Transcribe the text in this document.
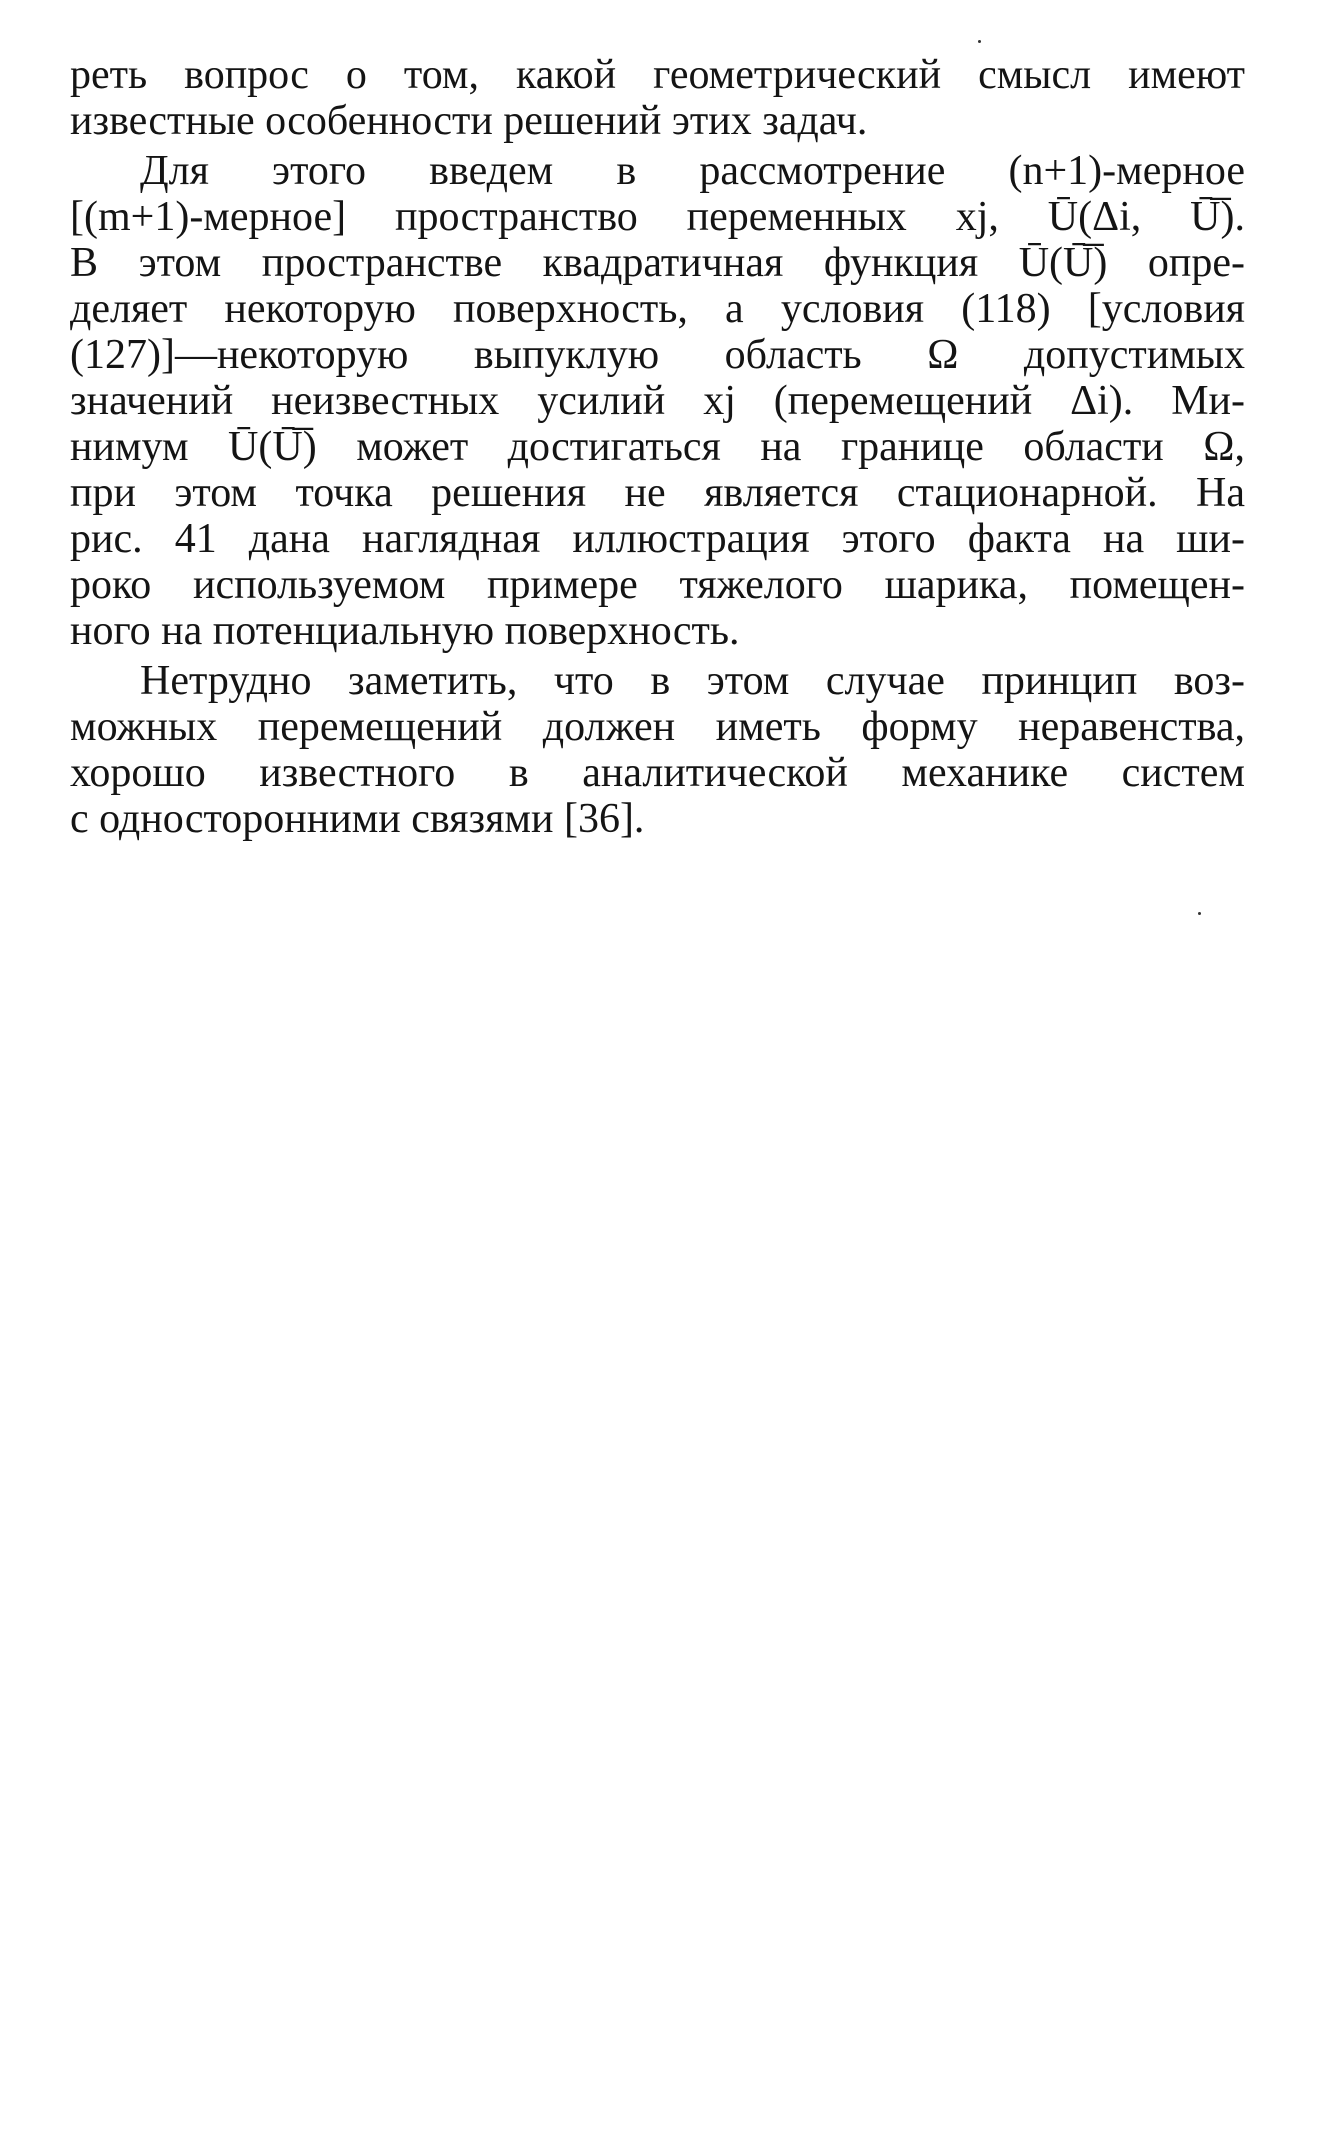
реть вопрос о том, какой геометрический смысл имеют
известные особенности решений этих задач.

Для этого введем в рассмотрение (n+1)-мерное
[(m+1)-мерное] пространство переменных xj, Ū(Δi, Ū̅).
В этом пространстве квадратичная функция Ū(Ū̅) опре-
деляет некоторую поверхность, а условия (118) [условия
(127)]—некоторую выпуклую область Ω допустимых
значений неизвестных усилий xj (перемещений Δi). Ми-
нимум Ū(Ū̅) может достигаться на границе области Ω,
при этом точка решения не является стационарной. На
рис. 41 дана наглядная иллюстрация этого факта на ши-
роко используемом примере тяжелого шарика, помещен-
ного на потенциальную поверхность.

Нетрудно заметить, что в этом случае принцип воз-
можных перемещений должен иметь форму неравенства,
хорошо известного в аналитической механике систем
с односторонними связями [36].
